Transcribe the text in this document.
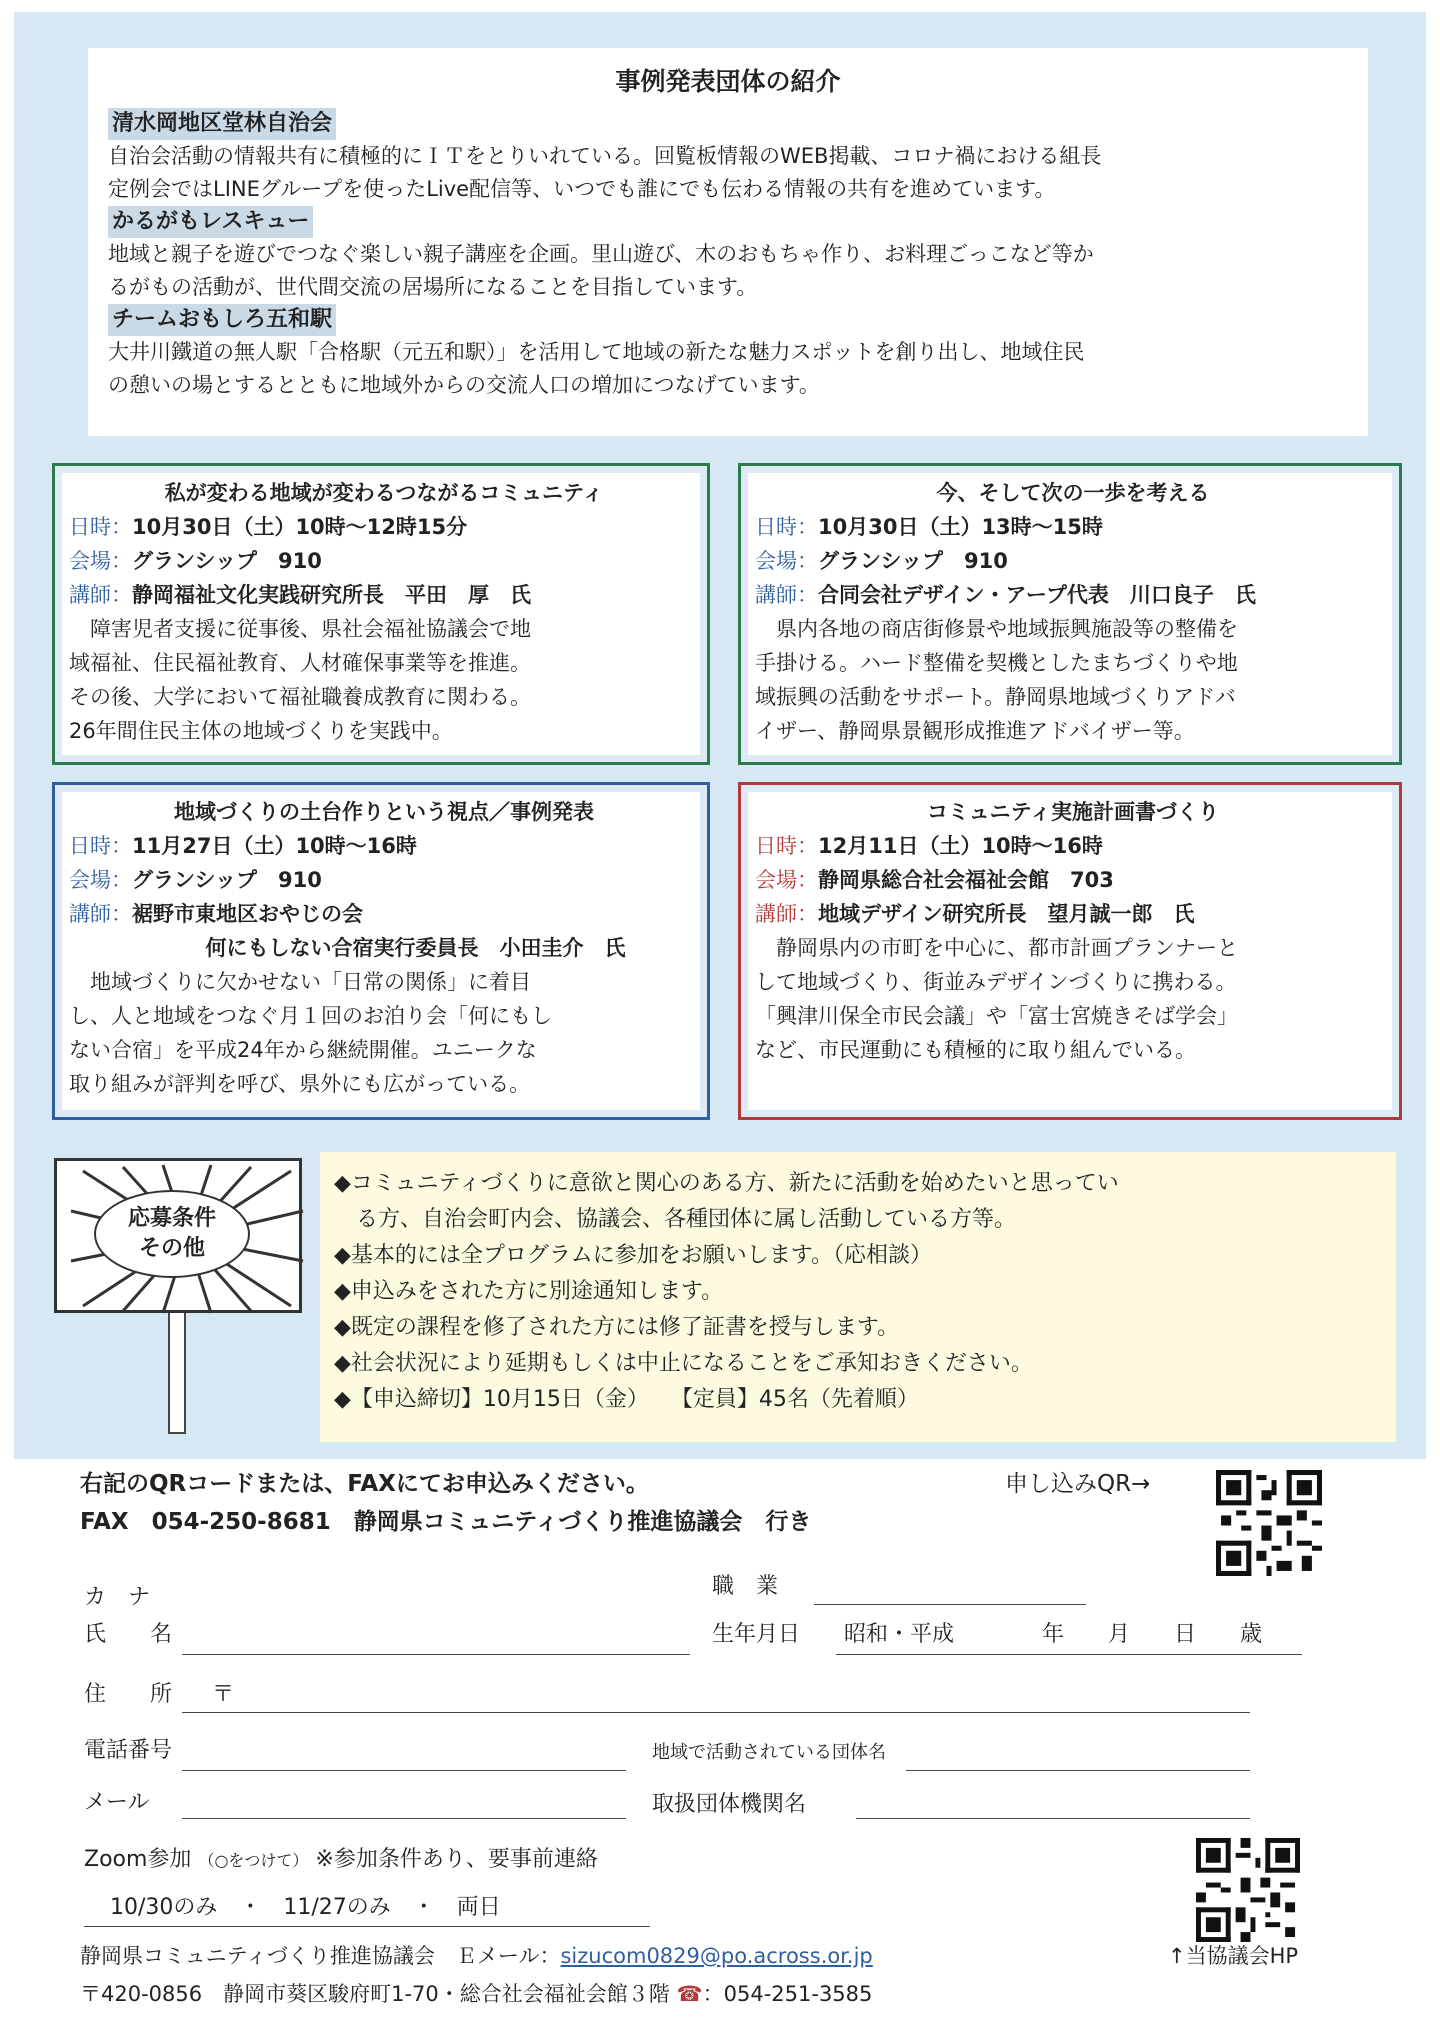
事例発表団体の紹介
清水岡地区堂林自治会

自治会活動の情報共有に積極的にＩＴをとりいれている。回覧板情報のWEB掲載、コロナ禍における組長

定例会ではLINEグループを使ったLive配信等、いつでも誰にでも伝わる情報の共有を進めています。

かるがもレスキュー

地域と親子を遊びでつなぐ楽しい親子講座を企画。里山遊び、木のおもちゃ作り、お料理ごっこなど等か

るがもの活動が、世代間交流の居場所になることを目指しています。

チームおもしろ五和駅

大井川鐵道の無人駅「合格駅（元五和駅）」を活用して地域の新たな魅力スポットを創り出し、地域住民

の憩いの場とするとともに地域外からの交流人口の増加につなげています。

私が変わる地域が変わるつながるコミュニティ
日時：10月30日（土）10時～12時15分
会場：グランシップ　910
講師：静岡福祉文化実践研究所長　平田　厚　氏
障害児者支援に従事後、県社会福祉協議会で地
域福祉、住民福祉教育、人材確保事業等を推進。
その後、大学において福祉職養成教育に関わる。
26年間住民主体の地域づくりを実践中。
今、そして次の一歩を考える
日時：10月30日（土）13時～15時
会場：グランシップ　910
講師：合同会社デザイン・アープ代表　川口良子　氏
県内各地の商店街修景や地域振興施設等の整備を
手掛ける。ハード整備を契機としたまちづくりや地
域振興の活動をサポート。静岡県地域づくりアドバ
イザー、静岡県景観形成推進アドバイザー等。
地域づくりの土台作りという視点／事例発表
日時：11月27日（土）10時～16時
会場：グランシップ　910
講師：裾野市東地区おやじの会
何にもしない合宿実行委員長　小田圭介　氏
地域づくりに欠かせない「日常の関係」に着目
し、人と地域をつなぐ月１回のお泊り会「何にもし
ない合宿」を平成24年から継続開催。ユニークな
取り組みが評判を呼び、県外にも広がっている。
コミュニティ実施計画書づくり
日時：12月11日（土）10時～16時
会場：静岡県総合社会福祉会館　703
講師：地域デザイン研究所長　望月誠一郎　氏
静岡県内の市町を中心に、都市計画プランナーと
して地域づくり、街並みデザインづくりに携わる。
「興津川保全市民会議」や「富士宮焼きそば学会」
など、市民運動にも積極的に取り組んでいる。
応募条件
その他
◆コミュニティづくりに意欲と関心のある方、新たに活動を始めたいと思ってい
　る方、自治会町内会、協議会、各種団体に属し活動している方等。
◆基本的には全プログラムに参加をお願いします。（応相談）
◆申込みをされた方に別途通知します。
◆既定の課程を修了された方には修了証書を授与します。
◆社会状況により延期もしくは中止になることをご承知おきください。
◆【申込締切】10月15日（金）　　【定員】45名（先着順）
右記のQRコードまたは、FAXにてお申込みください。
FAX　054-250-8681　静岡県コミュニティづくり推進協議会　行き
申し込みQR→
カ　ナ
氏　　名
職　業
生年月日 昭和・平成　　　　年　　月　　日　　歳
住　　所 〒
電話番号	地域で活動されている団体名
メール	取扱団体機関名
Zoom参加 （○をつけて） ※参加条件あり、要事前連絡
10/30のみ　・　11/27のみ　・　両日
静岡県コミュニティづくり推進協議会　Ｅメール：sizucom0829@po.across.or.jp	↑当協議会HP
〒420-0856　静岡市葵区駿府町1-70・総合社会福祉会館３階 ☎：054-251-3585
